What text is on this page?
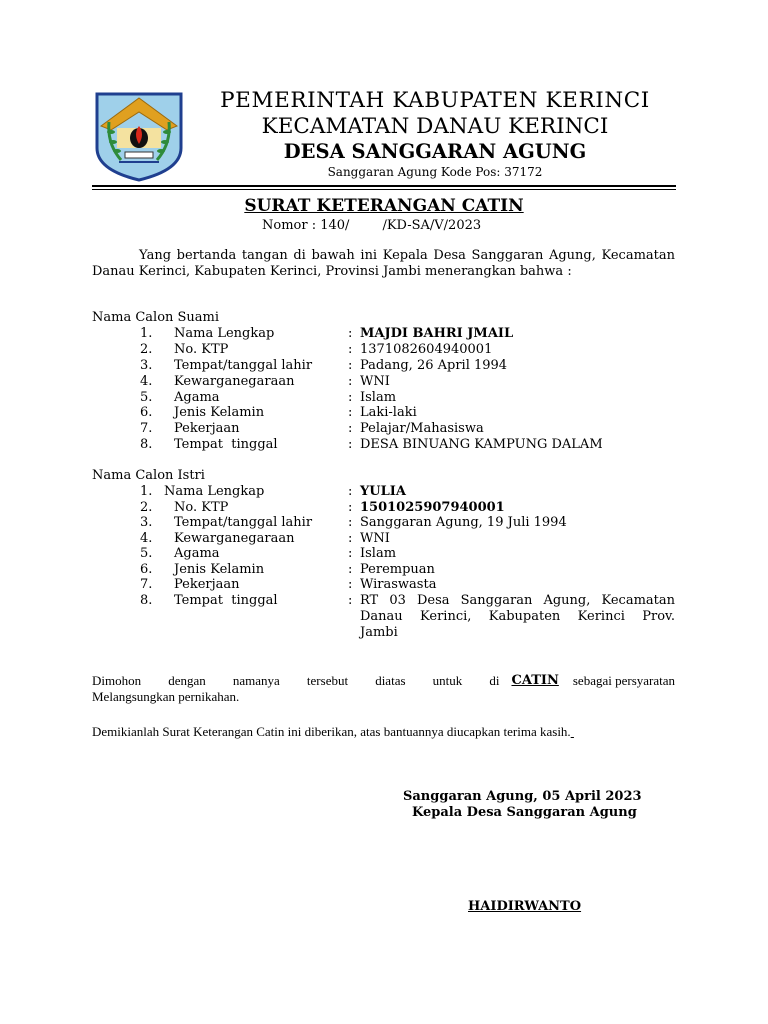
PEMERINTAH KABUPATEN KERINCI
KECAMATAN DANAU KERINCI
DESA SANGGARAN AGUNG
Sanggaran Agung Kode Pos: 37172
SURAT KETERANGAN CATIN
Nomor : 140/        /KD-SA/V/2023
Yang bertanda tangan di bawah ini Kepala Desa Sanggaran Agung, Kecamatan Danau Kerinci, Kabupaten Kerinci, Provinsi Jambi menerangkan bahwa :
Nama Calon Suami
1. Nama Lengkap	: MAJDI BAHRI JMAIL
2. No. KTP	: 1371082604940001
3. Tempat/tanggal lahir	: Padang, 26 April 1994
4. Kewarganegaraan	: WNI
5. Agama	: Islam
6. Jenis Kelamin	: Laki-laki
7. Pekerjaan	: Pelajar/Mahasiswa
8. Tempat  tinggal	: DESA BINUANG KAMPUNG DALAM
Nama Calon Istri
1. Nama Lengkap	: YULIA
2. No. KTP	: 1501025907940001
3. Tempat/tanggal lahir	: Sanggaran Agung, 19 Juli 1994
4. Kewarganegaraan	: WNI
5. Agama	: Islam
6. Jenis Kelamin	: Perempuan
7. Pekerjaan	: Wiraswasta
8. Tempat  tinggal	: RT 03 Desa Sanggaran Agung, Kecamatan
Danau Kerinci, Kabupaten Kerinci Prov.
Jambi
Dimohon dengan namanya tersebut diatas untuk di CATIN	sebagai persyaratan
Melangsungkan pernikahan.
Demikianlah Surat Keterangan Catin ini diberikan, atas bantuannya diucapkan terima kasih.
Sanggaran Agung, 05 April 2023
Kepala Desa Sanggaran Agung
HAIDIRWANTO
